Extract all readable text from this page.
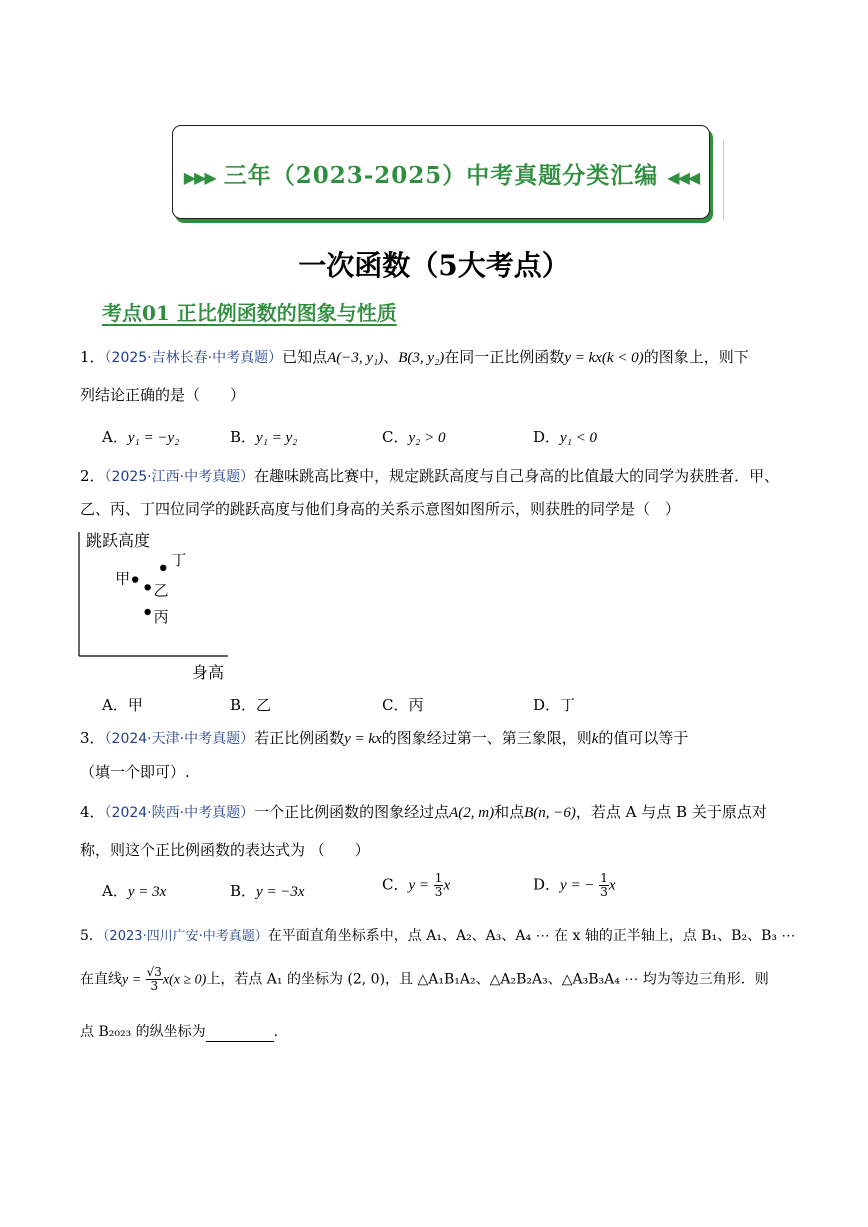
▶▶▶ 三年（2023-2025）中考真题分类汇编 ◀◀◀
一次函数（5大考点）
考点01 正比例函数的图象与性质
1．（2025·吉林长春·中考真题）已知点A(−3, y₁)、B(3, y₂)在同一正比例函数y = kx(k < 0)的图象上，则下
列结论正确的是（　　）
A．y₁ = −y₂	B．y₁ = y₂	C．y₂ > 0	D．y₁ < 0
2．（2025·江西·中考真题）在趣味跳高比赛中，规定跳跃高度与自己身高的比值最大的同学为获胜者．甲、
乙、丙、丁四位同学的跳跃高度与他们身高的关系示意图如图所示，则获胜的同学是（　）
跳跃高度
身高
甲
乙
丙
丁
A．甲	B．乙	C．丙	D．丁
3．（2024·天津·中考真题）若正比例函数y = kx的图象经过第一、第三象限，则k的值可以等于
（填一个即可）.
4．（2024·陕西·中考真题）一个正比例函数的图象经过点A(2, m)和点B(n, −6)，若点 A 与点 B 关于原点对
称，则这个正比例函数的表达式为 （　　）
A．y = 3x	B．y = −3x	C．$y = \frac{1}{3}$ x	D．y = − $\frac{1}{3}$ x
5．（2023·四川广安·中考真题）在平面直角坐标系中，点 A₁、A₂、A₃、A₄ ⋯ 在 x 轴的正半轴上，点 B₁、B₂、B₃ ⋯
在直线$y = \frac{√3}{3} x(x \ge 0)$上，若点 A₁ 的坐标为 (2, 0)，且 △A₁B₁A₂、△A₂B₂A₃、△A₃B₃A₄ ⋯ 均为等边三角形．则
点 B₂₀₂₃ 的纵坐标为	.
